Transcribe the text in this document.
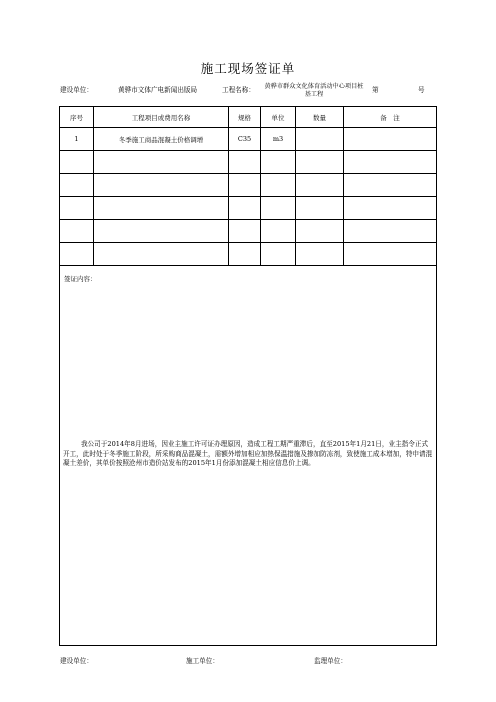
施工现场签证单
建设单位：	黄骅市文体广电新闻出版局	工程名称：	黄骅市群众文化体育活动中心项目桩基工程
第	号
序号	工程项目或费用名称	规格	单位	数量	备　注
1	冬季施工商品混凝土价格调增	C35	m3		

签证内容：
我公司于2014年8月进场，因业主施工许可证办理原因，造成工程工期严重滞后，直至2015年1月21日，业主指令正式开工，此时处于冬季施工阶段，所采购商品混凝土，需额外增加相应加热保温措施及掺加防冻剂，致使施工成本增加，特申请混凝土差价，其单价按照沧州市造价站发布的2015年1月份添加混凝土相应信息价上调。					
建设单位：	施工单位：	监理单位：
